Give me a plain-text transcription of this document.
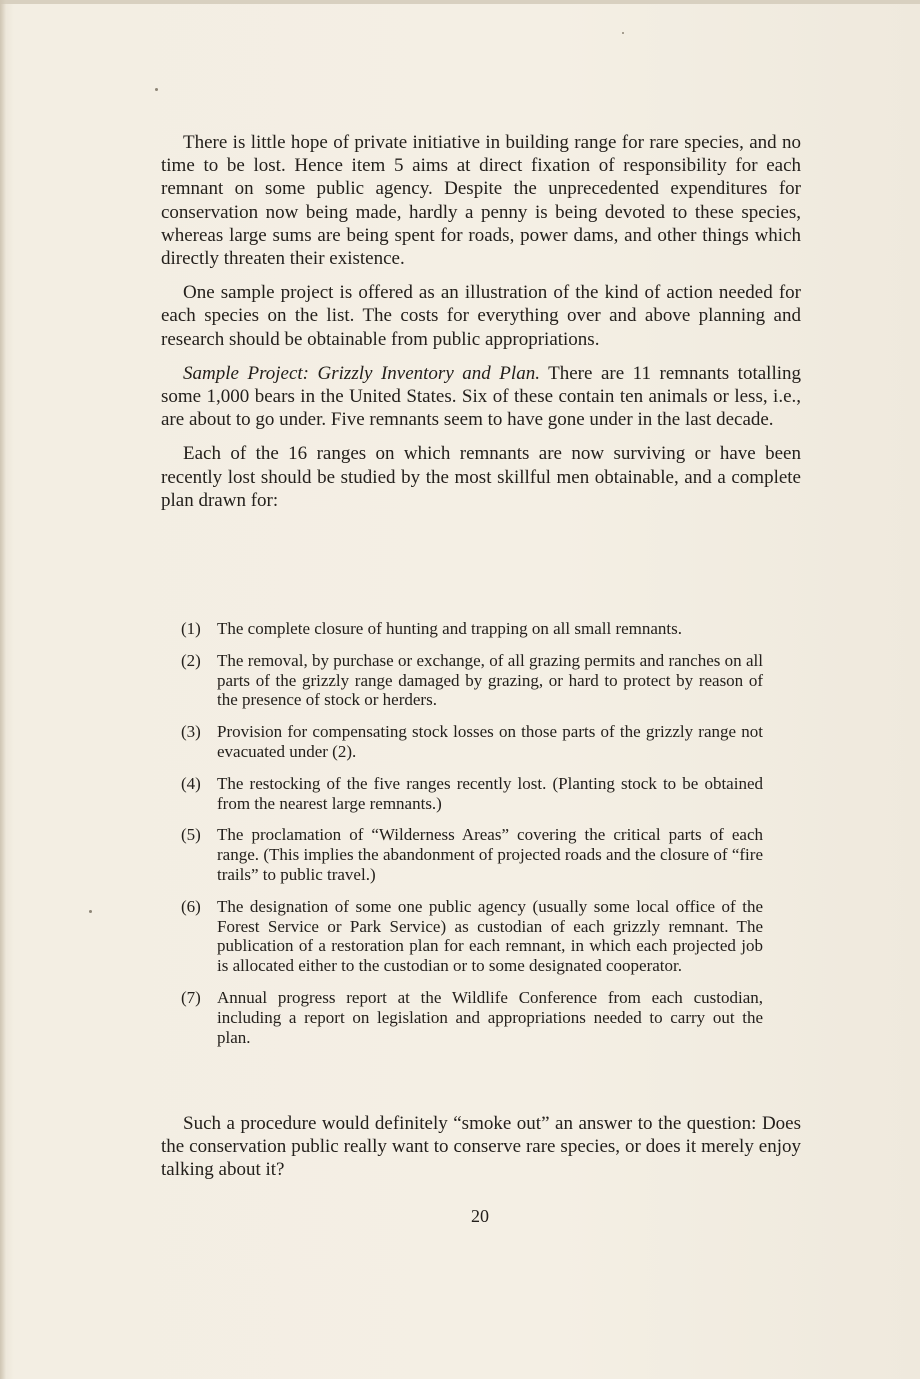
There is little hope of private initiative in building range for rare species, and no time to be lost. Hence item 5 aims at direct fixation of responsibility for each remnant on some public agency. Despite the unprecedented expenditures for conservation now being made, hardly a penny is being devoted to these species, whereas large sums are being spent for roads, power dams, and other things which directly threaten their existence.

One sample project is offered as an illustration of the kind of action needed for each species on the list. The costs for everything over and above planning and research should be obtainable from public appropriations.

Sample Project: Grizzly Inventory and Plan. There are 11 remnants totalling some 1,000 bears in the United States. Six of these contain ten animals or less, i.e., are about to go under. Five remnants seem to have gone under in the last decade.

Each of the 16 ranges on which remnants are now surviving or have been recently lost should be studied by the most skillful men obtainable, and a complete plan drawn for:

(1) The complete closure of hunting and trapping on all small remnants.
(2) The removal, by purchase or exchange, of all grazing permits and ranches on all parts of the grizzly range damaged by grazing, or hard to protect by reason of the presence of stock or herders.
(3) Provision for compensating stock losses on those parts of the grizzly range not evacuated under (2).
(4) The restocking of the five ranges recently lost. (Planting stock to be obtained from the nearest large remnants.)
(5) The proclamation of “Wilderness Areas” covering the critical parts of each range. (This implies the abandonment of projected roads and the closure of “fire trails” to public travel.)
(6) The designation of some one public agency (usually some local office of the Forest Service or Park Service) as custodian of each grizzly remnant. The publication of a restoration plan for each remnant, in which each projected job is allocated either to the custodian or to some designated cooperator.
(7) Annual progress report at the Wildlife Conference from each custodian, including a report on legislation and appropriations needed to carry out the plan.

Such a procedure would definitely “smoke out” an answer to the question: Does the conservation public really want to conserve rare species, or does it merely enjoy talking about it?

20
